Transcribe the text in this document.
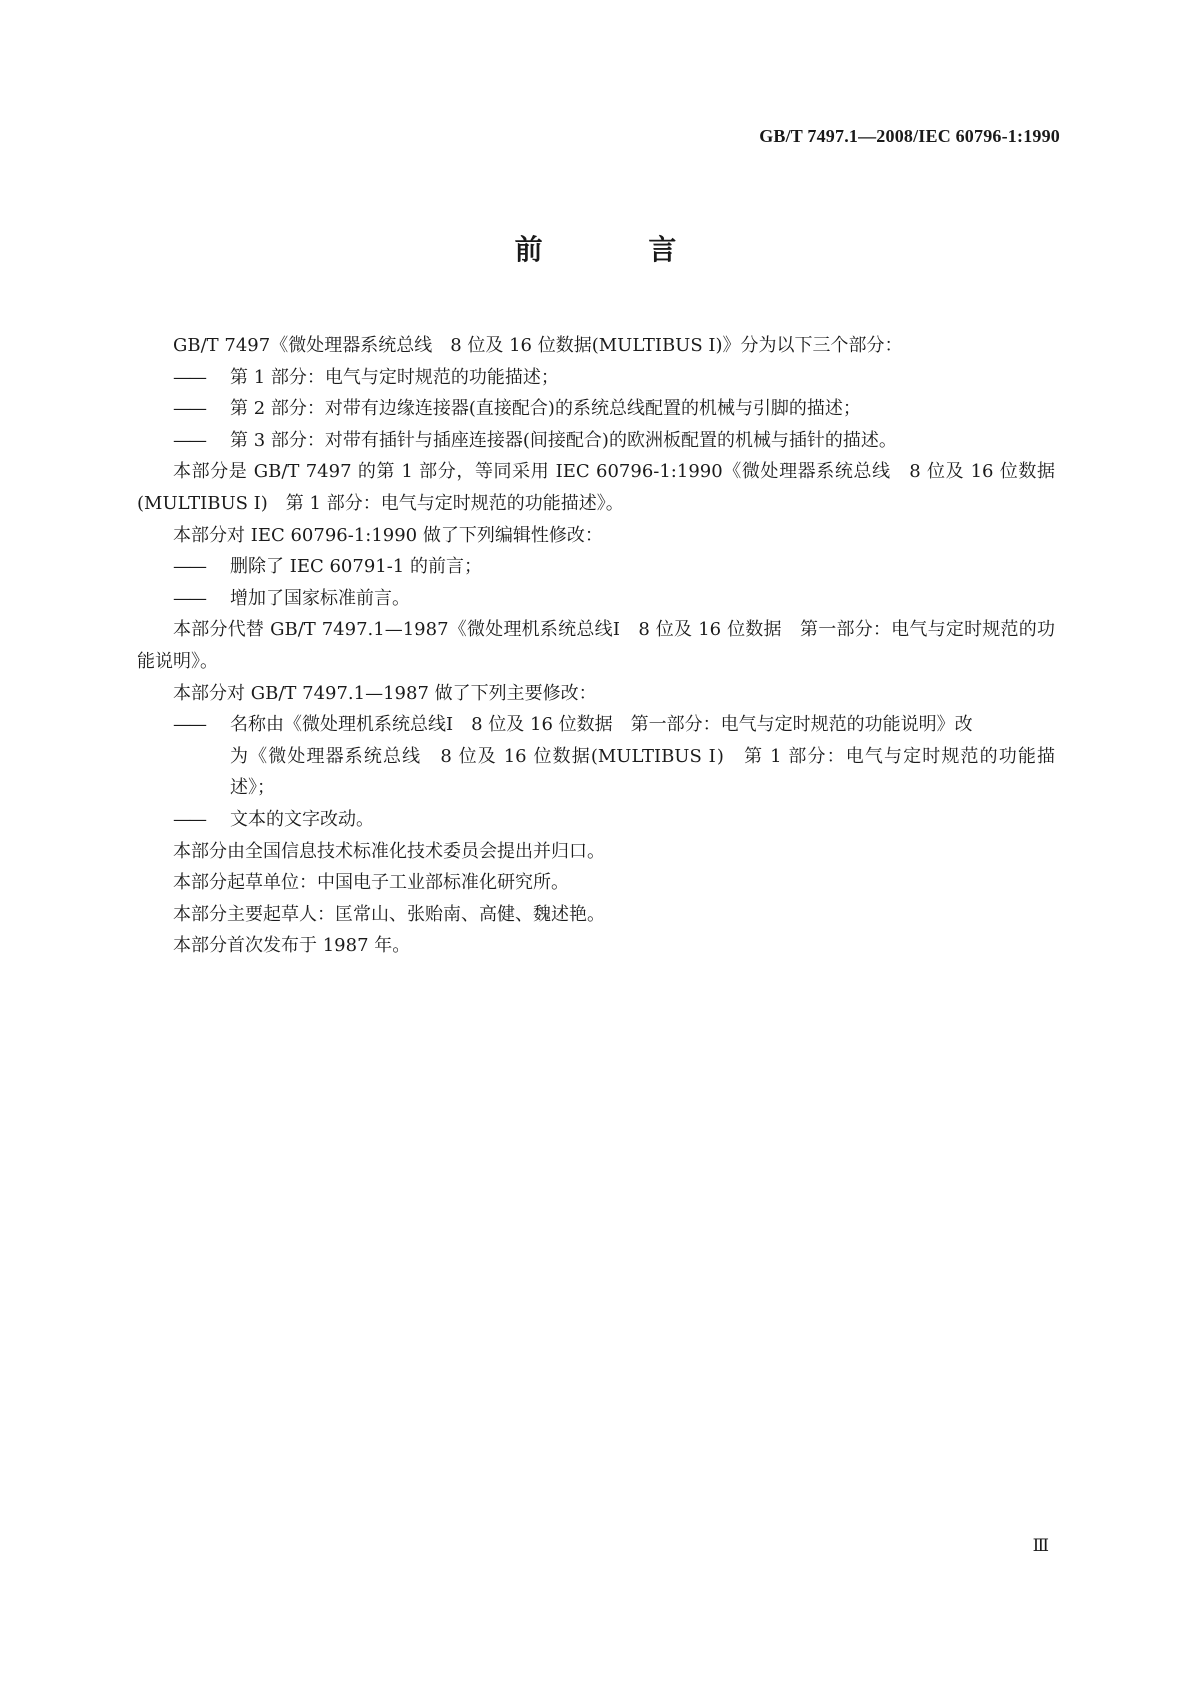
GB/T 7497.1—2008/IEC 60796-1:1990
前 言

GB/T 7497《微处理器系统总线　8 位及 16 位数据(MULTIBUS Ⅰ)》分为以下三个部分：

—— 第 1 部分：电气与定时规范的功能描述；

—— 第 2 部分：对带有边缘连接器(直接配合)的系统总线配置的机械与引脚的描述；

—— 第 3 部分：对带有插针与插座连接器(间接配合)的欧洲板配置的机械与插针的描述。

本部分是 GB/T 7497 的第 1 部分，等同采用 IEC 60796-1:1990《微处理器系统总线　8 位及 16 位数据(MULTIBUS Ⅰ)　第 1 部分：电气与定时规范的功能描述》。

本部分对 IEC 60796-1:1990 做了下列编辑性修改：

—— 删除了 IEC 60791-1 的前言；

—— 增加了国家标准前言。

本部分代替 GB/T 7497.1—1987《微处理机系统总线Ⅰ　8 位及 16 位数据　第一部分：电气与定时规范的功能说明》。

本部分对 GB/T 7497.1—1987 做了下列主要修改：

—— 名称由《微处理机系统总线Ⅰ　8 位及 16 位数据　第一部分：电气与定时规范的功能说明》改

为《微处理器系统总线　8 位及 16 位数据(MULTIBUS Ⅰ)　第 1 部分：电气与定时规范的功能描述》；

—— 文本的文字改动。

本部分由全国信息技术标准化技术委员会提出并归口。

本部分起草单位：中国电子工业部标准化研究所。

本部分主要起草人：匡常山、张贻南、高健、魏述艳。

本部分首次发布于 1987 年。

Ⅲ
